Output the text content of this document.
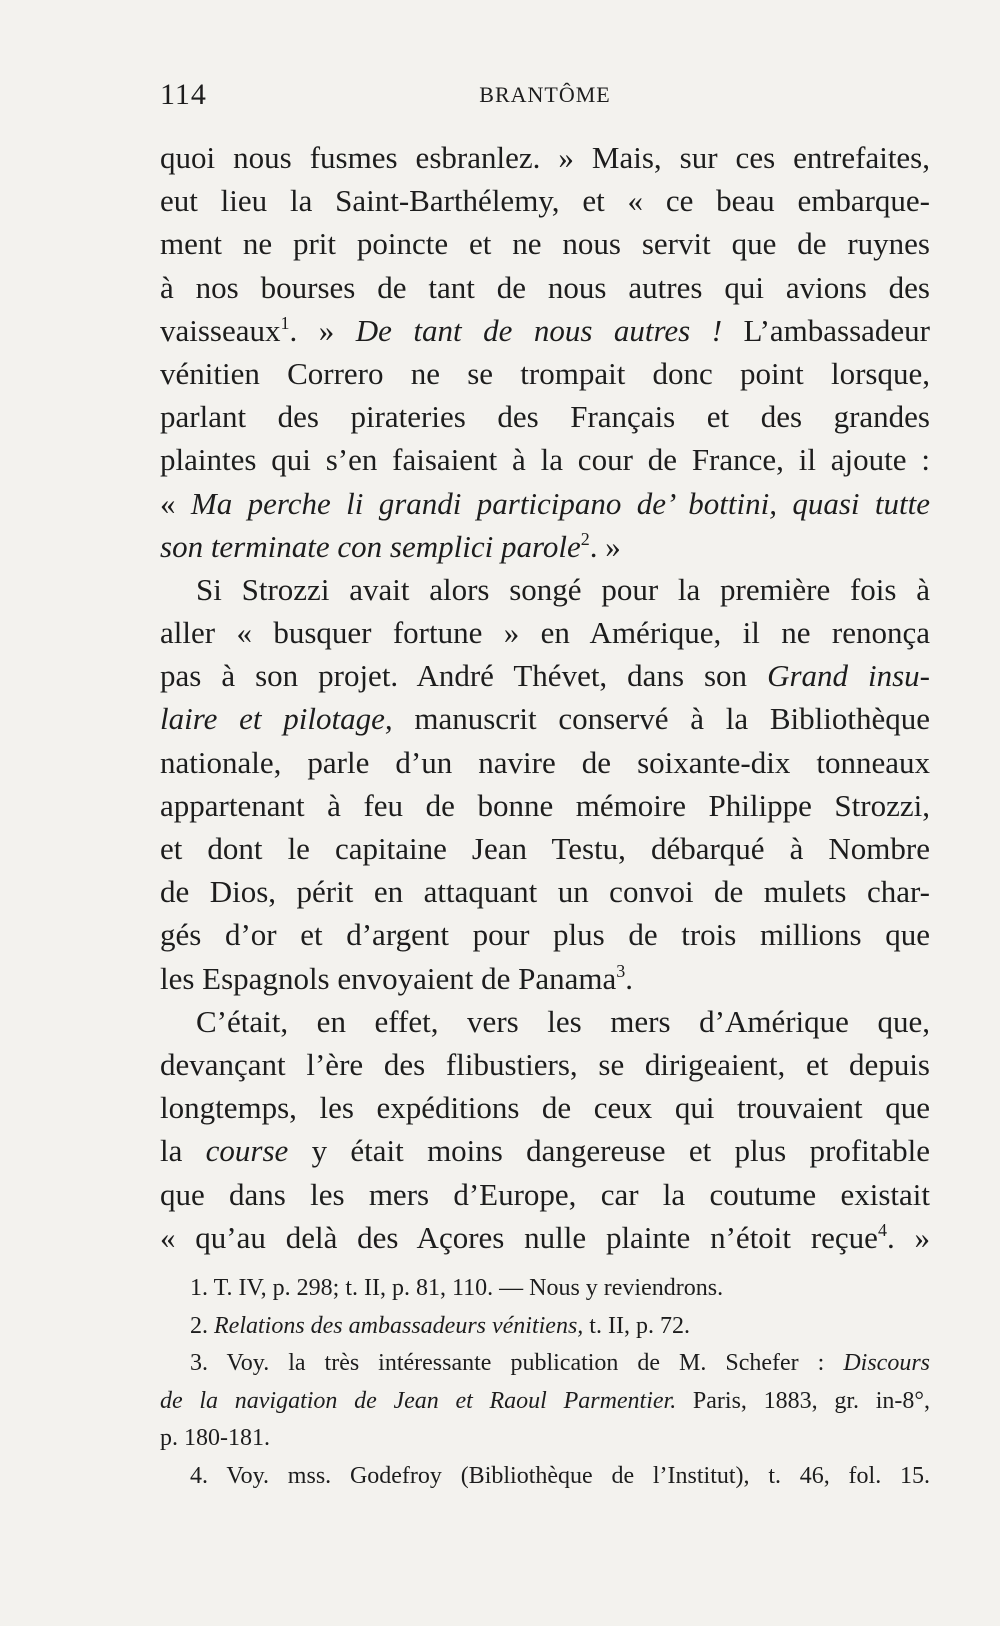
114	BRANTÔME
quoi nous fusmes esbranlez. » Mais, sur ces entrefaites,
eut lieu la Saint-Barthélemy, et « ce beau embarque-
ment ne prit poincte et ne nous servit que de ruynes
à nos bourses de tant de nous autres qui avions des
vaisseaux$^1$. » De tant de nous autres ! L’ambassadeur
vénitien Correro ne se trompait donc point lorsque,
parlant des pirateries des Français et des grandes
plaintes qui s’en faisaient à la cour de France, il ajoute :
« Ma perche li grandi participano de’ bottini, quasi tutte
son terminate con semplici parole$^2$. »
Si Strozzi avait alors songé pour la première fois à
aller « busquer fortune » en Amérique, il ne renonça
pas à son projet. André Thévet, dans son Grand insu-
laire et pilotage, manuscrit conservé à la Bibliothèque
nationale, parle d’un navire de soixante-dix tonneaux
appartenant à feu de bonne mémoire Philippe Strozzi,
et dont le capitaine Jean Testu, débarqué à Nombre
de Dios, périt en attaquant un convoi de mulets char-
gés d’or et d’argent pour plus de trois millions que
les Espagnols envoyaient de Panama$^3$.
C’était, en effet, vers les mers d’Amérique que,
devançant l’ère des flibustiers, se dirigeaient, et depuis
longtemps, les expéditions de ceux qui trouvaient que
la course y était moins dangereuse et plus profitable
que dans les mers d’Europe, car la coutume existait
« qu’au delà des Açores nulle plainte n’étoit reçue$^4$. »
1. T. IV, p. 298; t. II, p. 81, 110. — Nous y reviendrons.
2. Relations des ambassadeurs vénitiens, t. II, p. 72.
3. Voy. la très intéressante publication de M. Schefer : Discours
de la navigation de Jean et Raoul Parmentier. Paris, 1883, gr. in-8°,
p. 180-181.
4. Voy. mss. Godefroy (Bibliothèque de l’Institut), t. 46, fol. 15.
